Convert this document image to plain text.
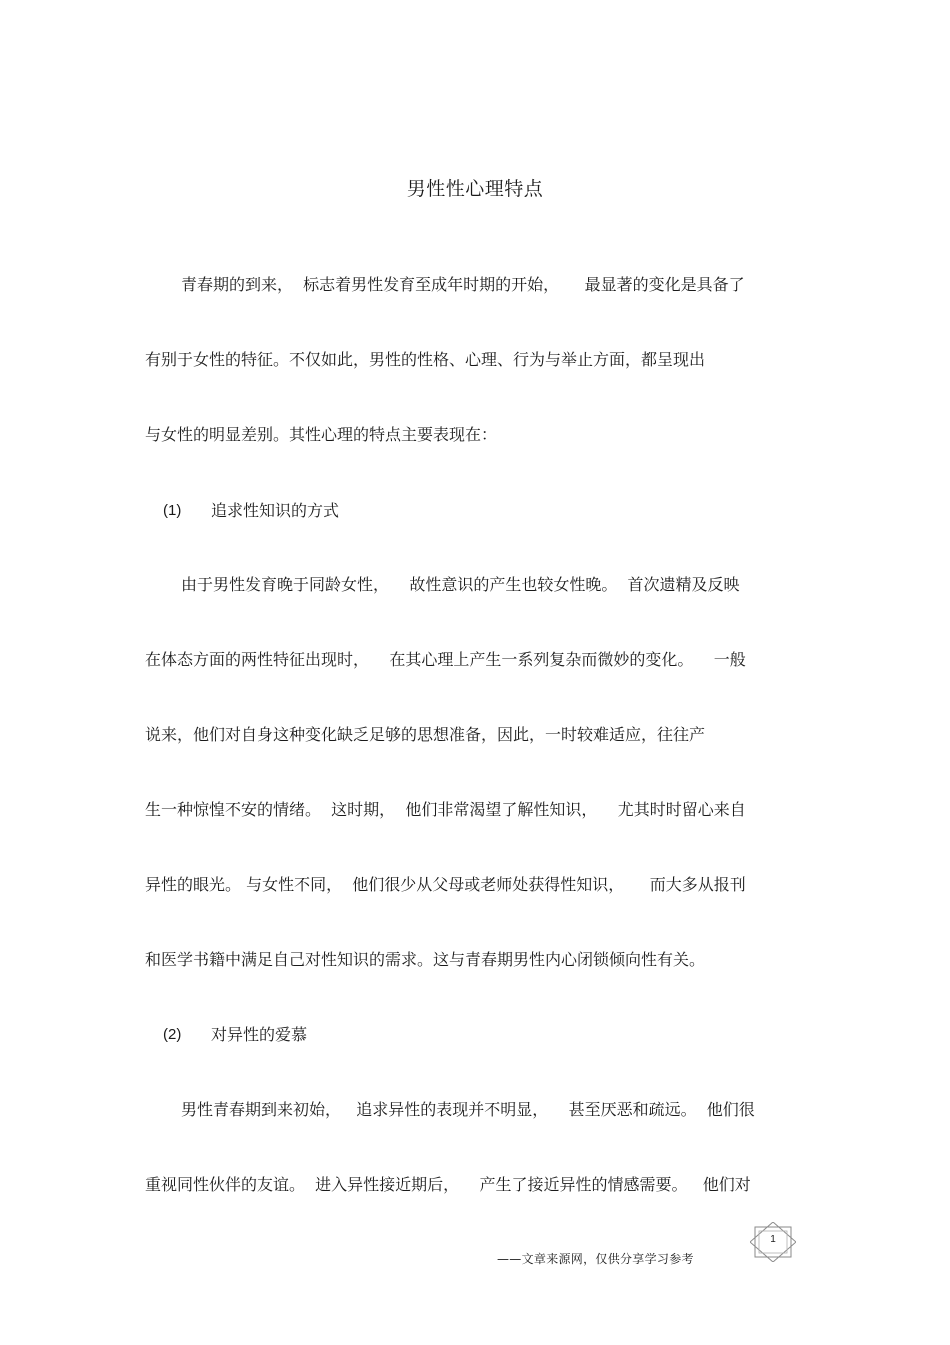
男性性心理特点
青春期的到来，  标志着男性发育至成年时期的开始，     最显著的变化是具备了
有别于女性的特征。不仅如此，男性的性格、心理、行为与举止方面，都呈现出
与女性的明显差别。其性心理的特点主要表现在：
(1) 追求性知识的方式
由于男性发育晚于同龄女性，    故性意识的产生也较女性晚。  首次遗精及反映
在体态方面的两性特征出现时，    在其心理上产生一系列复杂而微妙的变化。    一般
说来，他们对自身这种变化缺乏足够的思想准备，因此，一时较难适应，往往产
生一种惊惶不安的情绪。  这时期，  他们非常渴望了解性知识，    尤其时时留心来自
异性的眼光。 与女性不同，  他们很少从父母或老师处获得性知识，     而大多从报刊
和医学书籍中满足自己对性知识的需求。这与青春期男性内心闭锁倾向性有关。
(2) 对异性的爱慕
男性青春期到来初始，   追求异性的表现并不明显，    甚至厌恶和疏远。  他们很
重视同性伙伴的友谊。  进入异性接近期后，    产生了接近异性的情感需要。   他们对
1
——文章来源网，仅供分享学习参考
